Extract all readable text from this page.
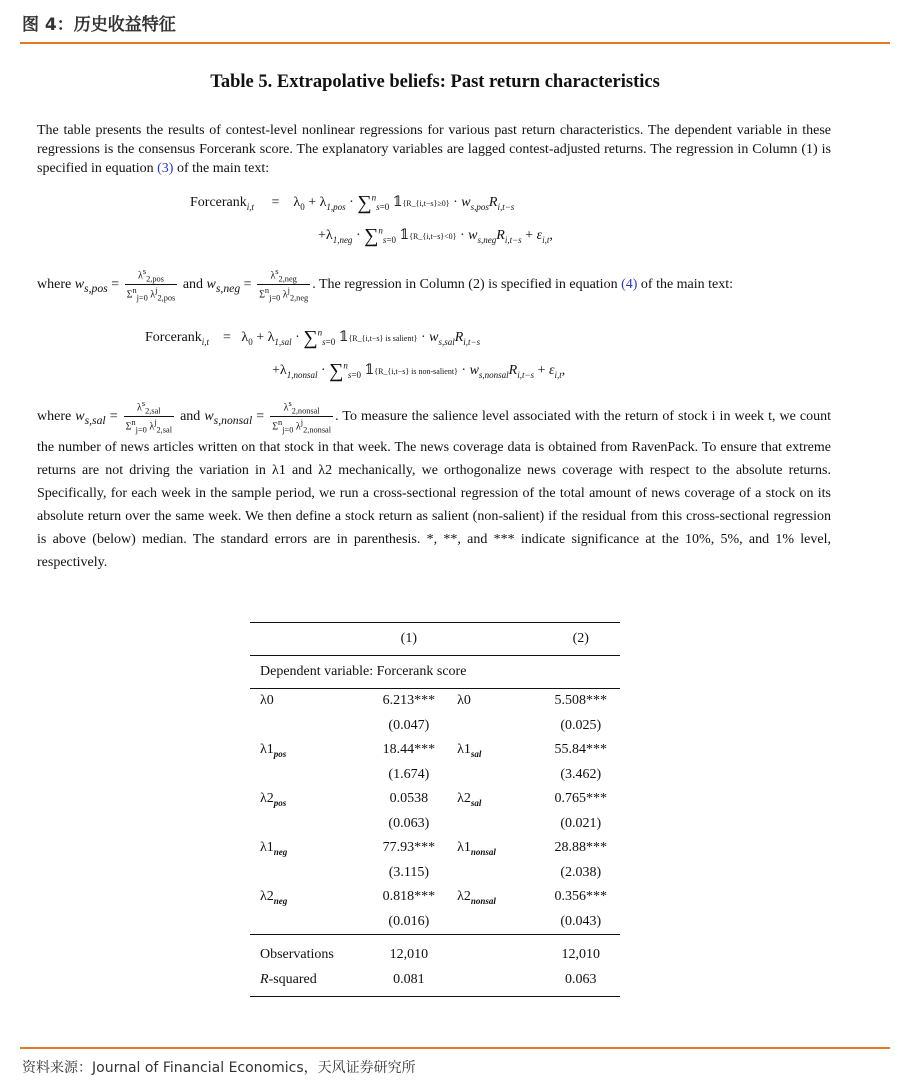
图 4：历史收益特征
Table 5. Extrapolative beliefs: Past return characteristics
The table presents the results of contest-level nonlinear regressions for various past return characteristics. The dependent variable in these regressions is the consensus Forcerank score. The explanatory variables are lagged contest-adjusted returns. The regression in Column (1) is specified in equation (3) of the main text:
Forcerank$_{i,t}$     =    $\lambda_0 + \lambda_{1,pos} \cdot \sum^n_{s=0}$ 𝟙{R_{i,t−s}≥0} · $w_{s,pos}R_{i,t-s}$
$+\lambda_{1,neg} \cdot \sum^n_{s=0}$ 𝟙{R_{i,t−s}<0} · $w_{s,neg}R_{i,t-s} + \varepsilon_{i,t}$,
where $w_{s,pos} = \frac{\lambda^s_{2,pos}}{\Sigma^n_{j=0} \lambda^j_{2,pos}}$ and $w_{s,neg} = \frac{\lambda^s_{2,neg}}{\Sigma^n_{j=0} \lambda^j_{2,neg}}$ . The regression in Column (2) is specified in equation (4) of the main text:
Forcerank$_{i,t}$    =   $\lambda_0 + \lambda_{1,sal} \cdot \sum^n_{s=0}$ 𝟙{R_{i,t−s} is salient} · $w_{s,sal}R_{i,t-s}$
$+\lambda_{1,nonsal} \cdot \sum^n_{s=0}$ 𝟙{R_{i,t−s} is non-salient} · $w_{s,nonsal}R_{i,t-s} + \varepsilon_{i,t}$,
where $w_{s,sal} = \frac{\lambda^s_{2,sal}}{\Sigma^n_{j=0} \lambda^j_{2,sal}}$ and $w_{s,nonsal} = \frac{\lambda^s_{2,nonsal}}{\Sigma^n_{j=0} \lambda^j_{2,nonsal}}$ . To measure the salience level associated with the return of stock i in week t, we count the number of news articles written on that stock in that week. The news coverage data is obtained from RavenPack. To ensure that extreme returns are not driving the variation in λ1 and λ2 mechanically, we orthogonalize news coverage with respect to the absolute returns. Specifically, for each week in the sample period, we run a cross-sectional regression of the total amount of news coverage of a stock on its absolute return over the same week. We then define a stock return as salient (non-salient) if the residual from this cross-sectional regression is above (below) median. The standard errors are in parenthesis. *, **, and *** indicate significance at the 10%, 5%, and 1% level, respectively.
	(1)		(2)
Dependent variable: Forcerank score			
λ0	6.213***	λ0	5.508***
	(0.047)		(0.025)
$\lambda 1_{pos}$	18.44***	$\lambda 1_{sal}$	55.84***
	(1.674)		(3.462)
$\lambda 2_{pos}$	0.0538	$\lambda 2_{sal}$	0.765***
	(0.063)		(0.021)
$\lambda 1_{neg}$	77.93***	$\lambda 1_{nonsal}$	28.88***
	(3.115)		(2.038)
$\lambda 2_{neg}$	0.818***	$\lambda 2_{nonsal}$	0.356***
	(0.016)		(0.043)
Observations	12,010		12,010
R-squared	0.081		0.063
资料来源：Journal of Financial Economics，天风证券研究所
